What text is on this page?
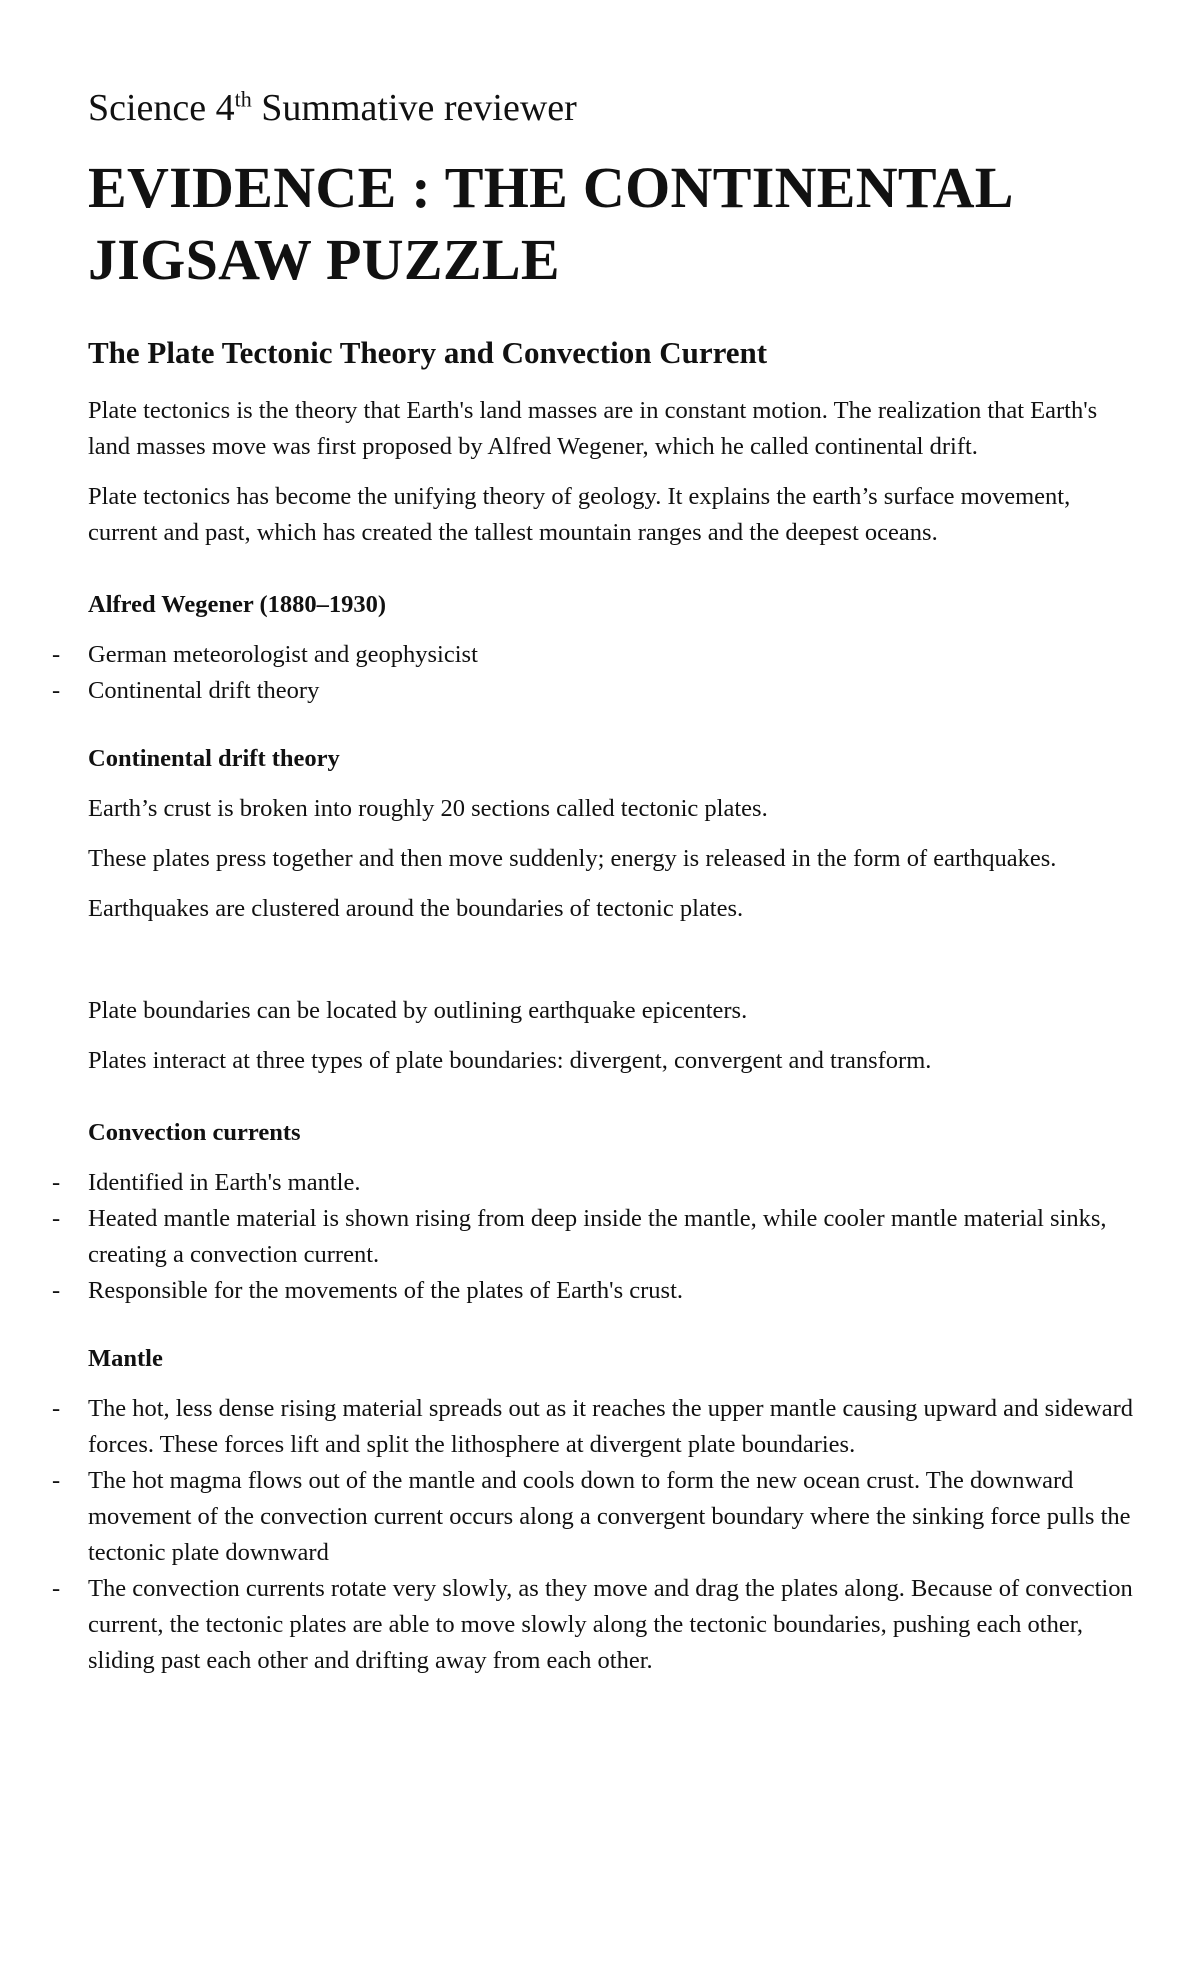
Science 4th Summative reviewer
EVIDENCE : THE CONTINENTAL
JIGSAW PUZZLE
The Plate Tectonic Theory and Convection Current

Plate tectonics is the theory that Earth's land masses are in constant motion. The realization that Earth's land masses move was first proposed by Alfred Wegener, which he called continental drift.

Plate tectonics has become the unifying theory of geology. It explains the earth’s surface movement, current and past, which has created the tallest mountain ranges and the deepest oceans.

Alfred Wegener (1880–1930)
- German meteorologist and geophysicist
- Continental drift theory
Continental drift theory

Earth’s crust is broken into roughly 20 sections called tectonic plates.

These plates press together and then move suddenly; energy is released in the form of earthquakes.

Earthquakes are clustered around the boundaries of tectonic plates.

Plate boundaries can be located by outlining earthquake epicenters.

Plates interact at three types of plate boundaries: divergent, convergent and transform.

Convection currents
- Identified in Earth's mantle.
- Heated mantle material is shown rising from deep inside the mantle, while cooler mantle material sinks, creating a convection current.
- Responsible for the movements of the plates of Earth's crust.
Mantle
- The hot, less dense rising material spreads out as it reaches the upper mantle causing upward and sideward forces. These forces lift and split the lithosphere at divergent plate boundaries.
- The hot magma flows out of the mantle and cools down to form the new ocean crust. The downward movement of the convection current occurs along a convergent boundary where the sinking force pulls the tectonic plate downward
- The convection currents rotate very slowly, as they move and drag the plates along. Because of convection current, the tectonic plates are able to move slowly along the tectonic boundaries, pushing each other, sliding past each other and drifting away from each other.
